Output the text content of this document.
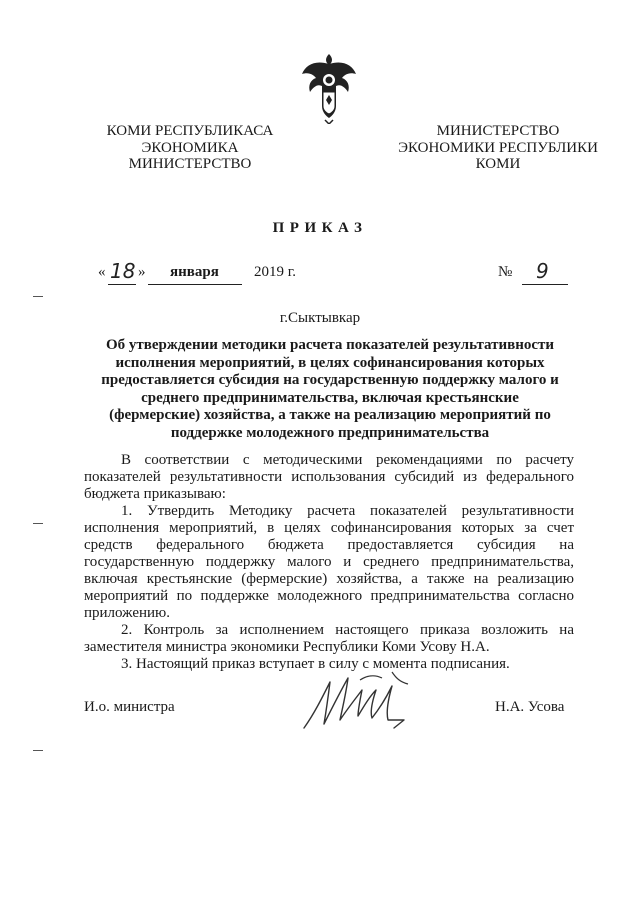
КОМИ РЕСПУБЛИКАСА
ЭКОНОМИКА
МИНИСТЕРСТВО
МИНИСТЕРСТВО
ЭКОНОМИКИ РЕСПУБЛИКИ
КОМИ
ПРИКАЗ
« 18 » января 2019 г.	№ 9
г.Сыктывкар
Об утверждении методики расчета показателей результативности исполнения мероприятий, в целях софинансирования которых предоставляется субсидия на государственную поддержку малого и среднего предпринимательства, включая крестьянские (фермерские) хозяйства, а также на реализацию мероприятий по поддержке молодежного предпринимательства

В соответствии с методическими рекомендациями по расчету показателей результативности использования субсидий из федерального бюджета приказываю:

1. Утвердить Методику расчета показателей результативности исполнения мероприятий, в целях софинансирования которых за счет средств федерального бюджета предоставляется субсидия на государственную поддержку малого и среднего предпринимательства, включая крестьянские (фермерские) хозяйства, а также на реализацию мероприятий по поддержке молодежного предпринимательства согласно приложению.

2. Контроль за исполнением настоящего приказа возложить на заместителя министра экономики Республики Коми Усову Н.А.

3. Настоящий приказ вступает в силу с момента подписания.

И.о. министра	Н.А. Усова
